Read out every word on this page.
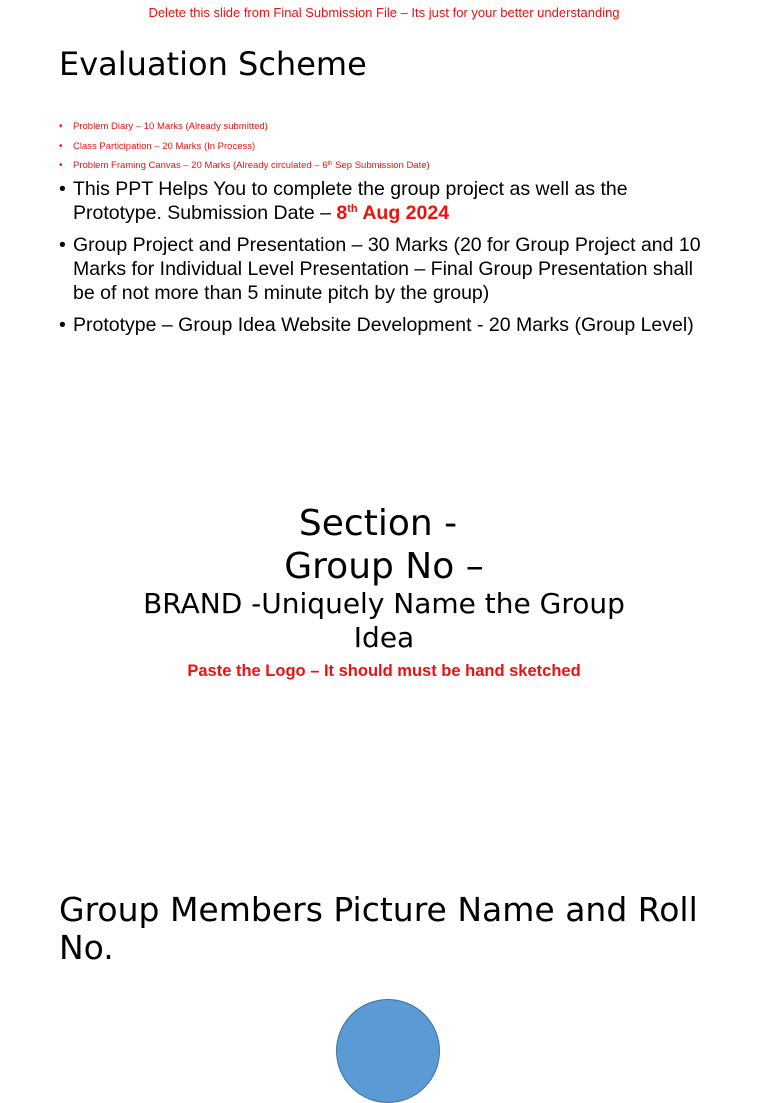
Delete this slide from Final Submission File – Its just for your better understanding
Evaluation Scheme
• Problem Diary – 10 Marks (Already submitted)
• Class Participation – 20 Marks (In Process)
• Problem Framing Canvas – 20 Marks (Already circulated – 6th Sep Submission Date)
• This PPT Helps You to complete the group project as well as the Prototype. Submission Date – 8th Aug 2024
• Group Project and Presentation – 30 Marks (20 for Group Project and 10 Marks for Individual Level Presentation – Final Group Presentation shall be of not more than 5 minute pitch by the group)
• Prototype – Group Idea Website Development - 20 Marks (Group Level)
Section -
Group No –
BRAND -Uniquely Name the Group Idea
Paste the Logo – It should must be hand sketched
Group Members Picture Name and Roll No.
